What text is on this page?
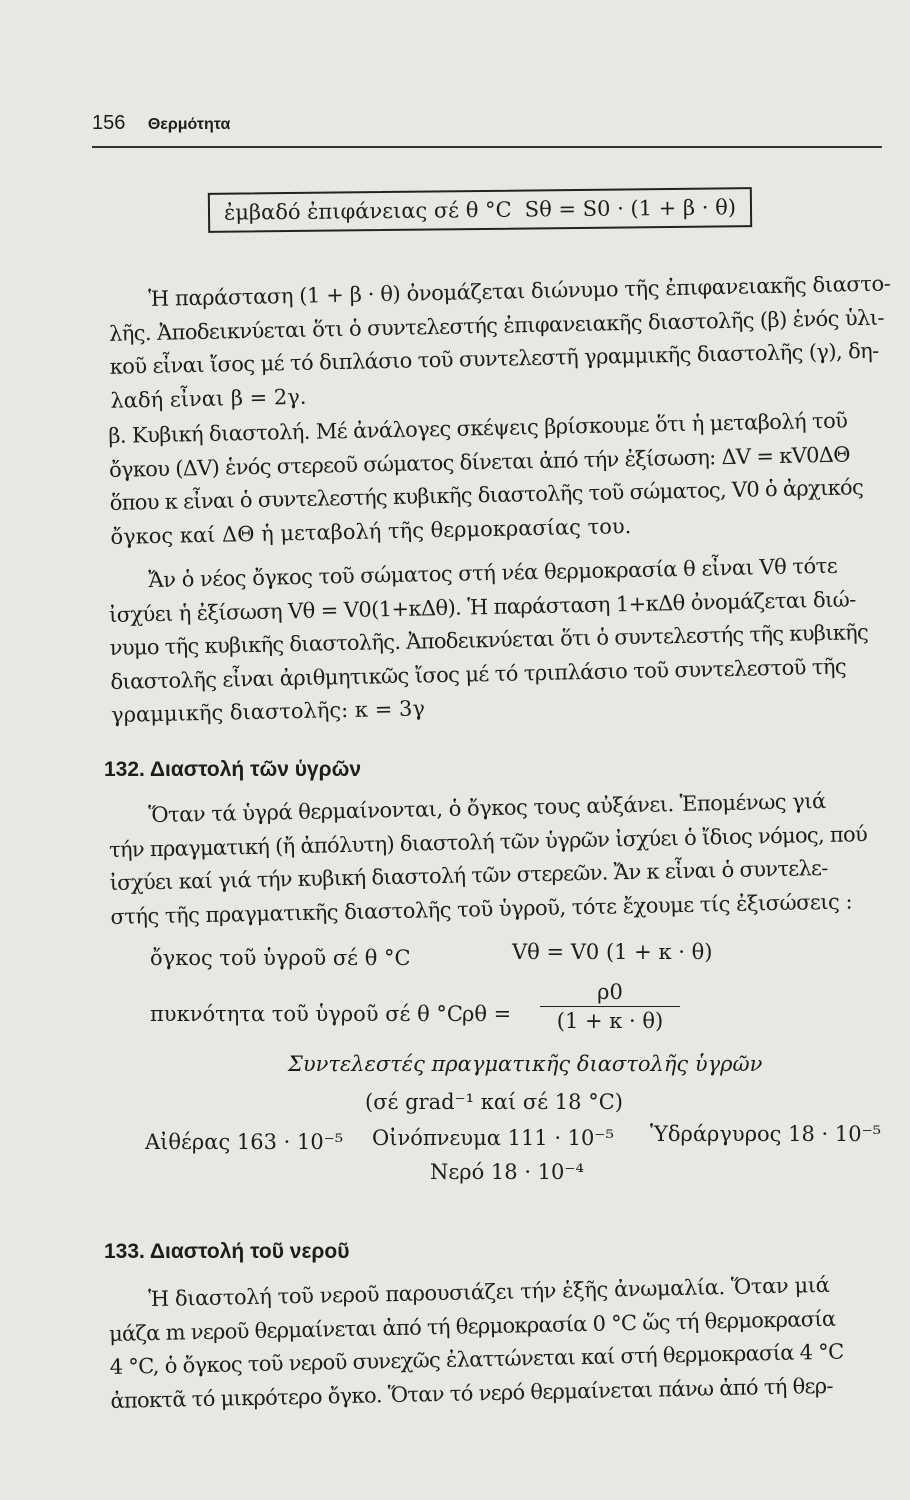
156 Θερμότητα
ἐμβαδό ἐπιφάνειας σέ θ °C Sθ = S0 · (1 + β · θ)
Ἡ παράσταση (1 + β · θ) ὀνομάζεται διώνυμο τῆς ἐπιφανειακῆς διαστο-
λῆς. Ἀποδεικνύεται ὅτι ὁ συντελεστής ἐπιφανειακῆς διαστολῆς (β) ἑνός ὑλι-
κοῦ εἶναι ἴσος μέ τό διπλάσιο τοῦ συντελεστῆ γραμμικῆς διαστολῆς (γ), δη-
λαδή εἶναι β = 2γ.
β. Κυβική διαστολή. Μέ ἀνάλογες σκέψεις βρίσκουμε ὅτι ἡ μεταβολή τοῦ
ὄγκου (ΔV) ἑνός στερεοῦ σώματος δίνεται ἀπό τήν ἐξίσωση: ΔV = κV0ΔΘ
ὅπου κ εἶναι ὁ συντελεστής κυβικῆς διαστολῆς τοῦ σώματος, V0 ὁ ἀρχικός
ὄγκος καί ΔΘ ἡ μεταβολή τῆς θερμοκρασίας του.
Ἄν ὁ νέος ὄγκος τοῦ σώματος στή νέα θερμοκρασία θ εἶναι Vθ τότε
ἰσχύει ἡ ἐξίσωση Vθ = V0(1+κΔθ). Ἡ παράσταση 1+κΔθ ὀνομάζεται διώ-
νυμο τῆς κυβικῆς διαστολῆς. Ἀποδεικνύεται ὅτι ὁ συντελεστής τῆς κυβικῆς
διαστολῆς εἶναι ἀριθμητικῶς ἴσος μέ τό τριπλάσιο τοῦ συντελεστοῦ τῆς
γραμμικῆς διαστολῆς: κ = 3γ
132. Διαστολή τῶν ὑγρῶν
Ὅταν τά ὑγρά θερμαίνονται, ὁ ὄγκος τους αὐξάνει. Ἑπομένως γιά
τήν πραγματική (ἤ ἀπόλυτη) διαστολή τῶν ὑγρῶν ἰσχύει ὁ ἴδιος νόμος, πού
ἰσχύει καί γιά τήν κυβική διαστολή τῶν στερεῶν. Ἄν κ εἶναι ὁ συντελε-
στής τῆς πραγματικῆς διαστολῆς τοῦ ὑγροῦ, τότε ἔχουμε τίς ἐξισώσεις :
ὄγκος τοῦ ὑγροῦ σέ θ °C	Vθ = V0 (1 + κ · θ)
πυκνότητα τοῦ ὑγροῦ σέ θ °C
$\rho\theta = \frac{\rho 0}{(1 + \kappa \cdot \theta)}$
Συντελεστές πραγματικῆς διαστολῆς ὑγρῶν
(σέ grad⁻¹ καί σέ 18 °C)
Αἰθέρας 163 · 10⁻⁵ Οἰνόπνευμα 111 · 10⁻⁵ Ὑδράργυρος 18 · 10⁻⁵
Νερό 18 · 10⁻⁴
133. Διαστολή τοῦ νεροῦ
Ἡ διαστολή τοῦ νεροῦ παρουσιάζει τήν ἑξῆς ἀνωμαλία. Ὅταν μιά
μάζα m νεροῦ θερμαίνεται ἀπό τή θερμοκρασία 0 °C ὥς τή θερμοκρασία
4 °C, ὁ ὄγκος τοῦ νεροῦ συνεχῶς ἐλαττώνεται καί στή θερμοκρασία 4 °C
ἀποκτᾶ τό μικρότερο ὄγκο. Ὅταν τό νερό θερμαίνεται πάνω ἀπό τή θερ-
